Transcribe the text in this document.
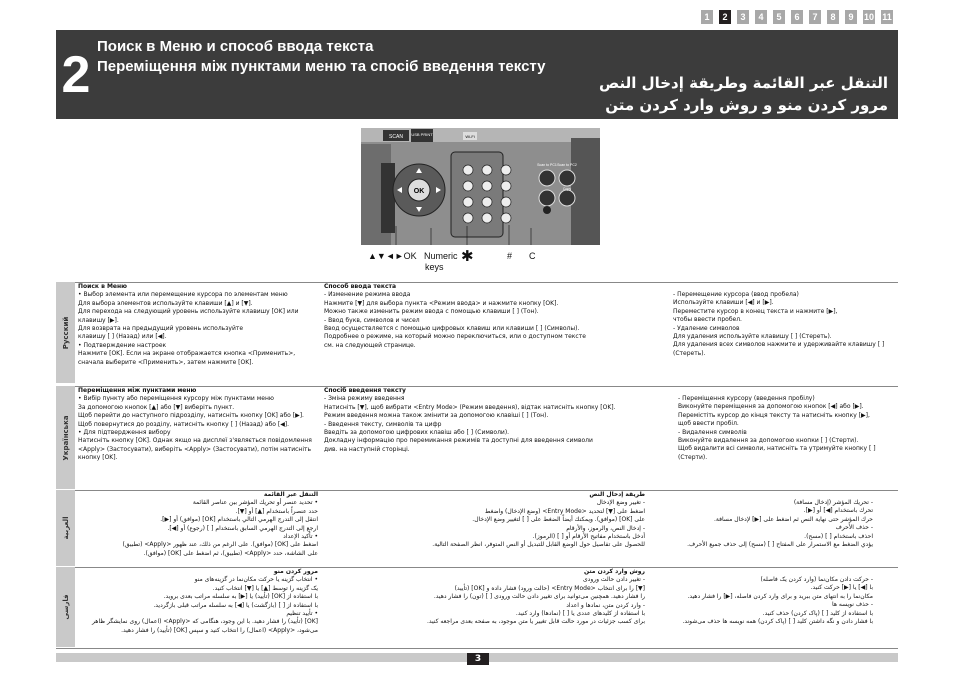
1	2	3	4	5	6	7	8	9	10 11
2 Поиск в Меню и способ ввода текста
Переміщення між пунктами меню та спосіб введення тексту
التنقل عبر القائمة وطريقة إدخال النص
مرور کردن منو و روش وارد کردن متن
SCAN USB PRINT
OK
Wi-Fi
Scan to PC1 Scan to PC2
Copy
▲▼◄►OK Numeric
keys
✱	# C
Русский
Поиск в Меню
• Выбор элемента или перемещение курсора по элементам меню
Для выбора элементов используйте клавиши [▲] и [▼].
Для перехода на следующий уровень используйте клавишу [OK] или
клавишу [▶].
Для возврата на предыдущий уровень используйте
клавишу [ ] (Назад) или [◀].
• Подтверждение настроек
Нажмите [OK]. Если на экране отображается кнопка <Применить>,
сначала выберите <Применить>, затем нажмите [OK].
Способ ввода текста
- Изменение режима ввода
Нажмите [▼] для выбора пункта <Режим ввода> и нажмите кнопку [OK].
Можно также изменить режим ввода с помощью клавиши [ ] (Тон).
- Ввод букв, символов и чисел
Ввод осуществляется с помощью цифровых клавиш или клавиши [ ] (Символы).
Подробнее о режиме, на который можно переключиться, или о доступном тексте
см. на следующей странице.
- Перемещение курсора (ввод пробела)
Используйте клавиши [◀] и [▶].
Переместите курсор в конец текста и нажмите [▶],
чтобы ввести пробел.
- Удаление символов
Для удаления используйте клавишу [ ] (Стереть).
Для удаления всех символов нажмите и удерживайте клавишу [ ]
(Стереть).
Українська
Переміщення між пунктами меню
• Вибір пункту або переміщення курсору між пунктами меню
За допомогою кнопок [▲] або [▼] виберіть пункт.
Щоб перейти до наступного підрозділу, натисніть кнопку [OK] або [▶].
Щоб повернутися до розділу, натисніть кнопку [ ] (Назад) або [◀].
• Для підтвердження вибору
Натисніть кнопку [OK]. Однак якщо на дисплеї з'являється повідомлення
<Apply> (Застосувати), виберіть <Apply> (Застосувати), потім натисніть
кнопку [OK].
Спосіб введення тексту
- Зміна режиму введення
Натисніть [▼], щоб вибрати <Entry Mode> (Режим введення), відтак натисніть кнопку [OK].
Режим введення можна також змінити за допомогою клавіші [ ] (Тон).
- Введення тексту, символів та цифр
Введіть за допомогою цифрових клавіш або [ ] (Символи).
Докладну інформацію про перемикання режимів та доступні для введення символи
див. на наступній сторінці.
- Переміщення курсору (введення пробілу)
Виконуйте переміщення за допомогою кнопок [◀] або [▶].
Перемістіть курсор до кінця тексту та натисніть кнопку [▶],
щоб ввести пробіл.
- Видалення символів
Виконуйте видалення за допомогою кнопки [ ] (Стерти).
Щоб видалити всі символи, натисніть та утримуйте кнопку [ ]
(Стерти).
العربية
التنقل عبر القائمة
• تحديد عنصر أو تحريك المؤشر بين عناصر القائمة
حدد عنصراً باستخدام [▲] أو [▼].
انتقل إلى التدرج الهرمي التالي باستخدام [OK] (موافق) أو [▶].
ارجع إلى التدرج الهرمي السابق باستخدام [ ] (رجوع) أو [◀].
• تأكيد الإعداد
اضغط على [OK] (موافق). على الرغم من ذلك، عند ظهور <Apply> (تطبيق)
على الشاشة، حدد <Apply> (تطبيق)، ثم اضغط على [OK] (موافق).
طريقة إدخال النص
- تغيير وضع الإدخال
اضغط على [▼] لتحديد <Entry Mode> (وضع الإدخال) واضغط
على [OK] (موافق). ويمكنك أيضاً الضغط على [ ] لتغيير وضع الإدخال.
- إدخال النص، والرموز، والأرقام
أدخل باستخدام مفاتيح الأرقام أو [ ] (الرموز).
للحصول على تفاصيل حول الوضع القابل للتبديل أو النص المتوفر، انظر الصفحة التالية.
- تحريك المؤشر (إدخال مسافة)
تحرك باستخدام [◀] أو [▶].
حرك المؤشر حتى نهاية النص ثم اضغط على [▶] لإدخال مسافة.
- حذف الأحرف
احذف باستخدام [ ] (مسح).
يؤدي الضغط مع الاستمرار على المفتاح [ ] (مسح) إلى حذف جميع الأحرف.
فارسی
مرور کردن منو
• انتخاب گزینه یا حرکت مکان‌نما در گزینه‌های منو
یک گزینه را توسط [▲] یا [▼] انتخاب کنید.
با استفاده از [OK] (تأیید) یا [▶] به سلسله مراتب بعدی بروید.
با استفاده از [ ] (بازگشت) یا [◀] به سلسله مراتب قبلی بازگردید.
• تأیید تنظیم
[OK] (تأیید) را فشار دهید. با این وجود، هنگامی که <Apply> (اعمال) روی نمایشگر ظاهر
می‌شود، <Apply> (اعمال) را انتخاب کنید و سپس [OK] (تأیید) را فشار دهید.
روش وارد کردن متن
- تغییر دادن حالت ورودی
[▼] را برای انتخاب <Entry Mode> (حالت ورود) فشار داده و [OK] (تأیید)
را فشار دهید. همچنین می‌توانید برای تغییر دادن حالت ورودی [ ] (تون) را فشار دهید.
- وارد کردن متن، نمادها و اعداد
با استفاده از کلیدهای عددی یا [ ] (نمادها) وارد کنید.
برای کسب جزئیات در مورد حالت قابل تغییر یا متن موجود، به صفحه بعدی مراجعه کنید.
- حرکت دادن مکان‌نما (وارد کردن یک فاصله)
با [◀] یا [▶] حرکت کنید.
مکان‌نما را به انتهای متن ببرید و برای وارد کردن فاصله، [▶] را فشار دهید.
- حذف نویسه ها
با استفاده از کلید [ ] (پاک کردن) حذف کنید.
با فشار دادن و نگه داشتن کلید [ ] (پاک کردن) همه نویسه ها حذف می‌شوند.
3
